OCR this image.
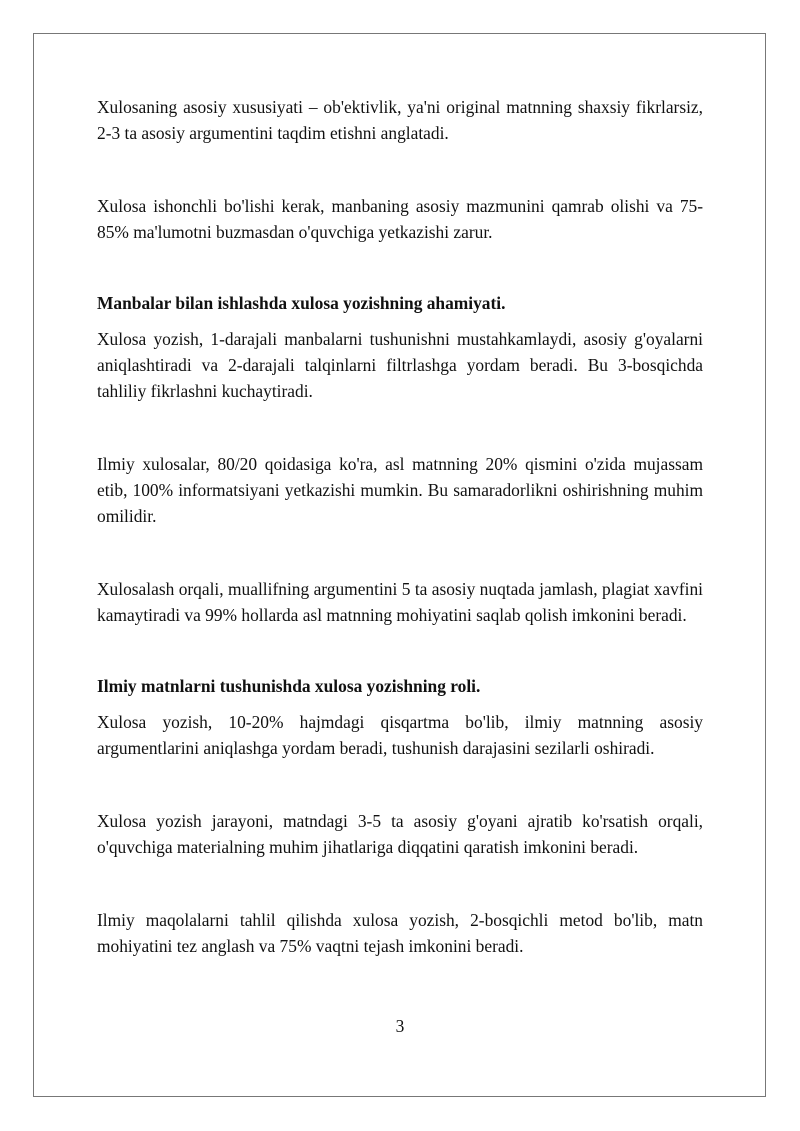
Xulosaning asosiy xususiyati – ob'ektivlik, ya'ni original matnning shaxsiy fikrlarsiz, 2-3 ta asosiy argumentini taqdim etishni anglatadi.

Xulosa ishonchli bo'lishi kerak, manbaning asosiy mazmunini qamrab olishi va 75-85% ma'lumotni buzmasdan o'quvchiga yetkazishi zarur.

Manbalar bilan ishlashda xulosa yozishning ahamiyati.

Xulosa yozish, 1-darajali manbalarni tushunishni mustahkamlaydi, asosiy g'oyalarni aniqlashtiradi va 2-darajali talqinlarni filtrlashga yordam beradi. Bu 3-bosqichda tahliliy fikrlashni kuchaytiradi.

Ilmiy xulosalar, 80/20 qoidasiga ko'ra, asl matnning 20% qismini o'zida mujassam etib, 100% informatsiyani yetkazishi mumkin. Bu samaradorlikni oshirishning muhim omilidir.

Xulosalash orqali, muallifning argumentini 5 ta asosiy nuqtada jamlash, plagiat xavfini kamaytiradi va 99% hollarda asl matnning mohiyatini saqlab qolish imkonini beradi.

Ilmiy matnlarni tushunishda xulosa yozishning roli.

Xulosa yozish, 10-20% hajmdagi qisqartma bo'lib, ilmiy matnning asosiy argumentlarini aniqlashga yordam beradi, tushunish darajasini sezilarli oshiradi.

Xulosa yozish jarayoni, matndagi 3-5 ta asosiy g'oyani ajratib ko'rsatish orqali, o'quvchiga materialning muhim jihatlariga diqqatini qaratish imkonini beradi.

Ilmiy maqolalarni tahlil qilishda xulosa yozish, 2-bosqichli metod bo'lib, matn mohiyatini tez anglash va 75% vaqtni tejash imkonini beradi.

3
